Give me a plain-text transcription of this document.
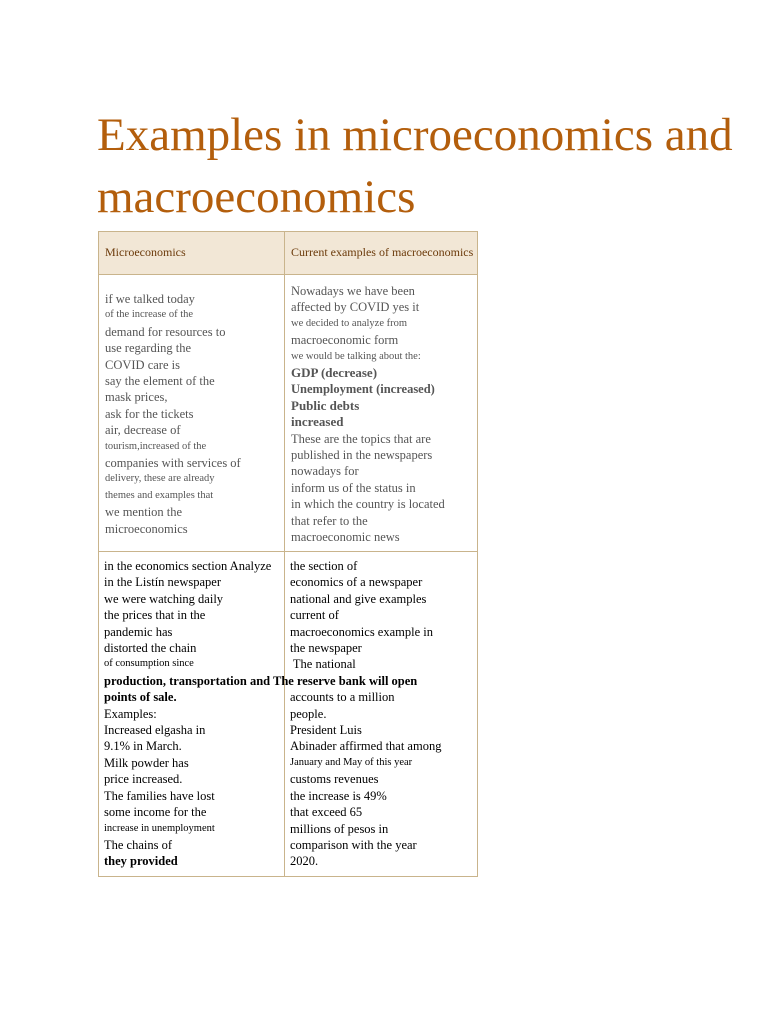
Examples in microeconomics and macroeconomics
Microeconomics	Current examples of macroeconomics
if we talked today
of the increase of the
demand for resources to
use regarding the
COVID care is
say the element of the
mask prices,
ask for the tickets
air, decrease of
tourism,increased of the
companies with services of
delivery, these are already
themes and examples that
we mention the
microeconomics
Nowadays we have been
affected by COVID yes it
we decided to analyze from
macroeconomic form
we would be talking about the:
GDP (decrease)
Unemployment (increased)
Public debts
increased
These are the topics that are
published in the newspapers
nowadays for
inform us of the status in
in which the country is located
that refer to the
macroeconomic news
in the economics section Analyze
in the Listín newspaper
we were watching daily
the prices that in the
pandemic has
distorted the chain
of consumption since
production, transportation and The reserve bank will open
points of sale.
Examples:
Increased elgasha in
9.1% in March.
Milk powder has
price increased.
The families have lost
some income for the
increase in unemployment
The chains of
they provided
the section of
economics of a newspaper
national and give examples
current of
macroeconomics example in
the newspaper
The national

accounts to a million
people.
President Luis
Abinader affirmed that among
January and May of this year
customs revenues
the increase is 49%
that exceed 65
millions of pesos in
comparison with the year
2020.
